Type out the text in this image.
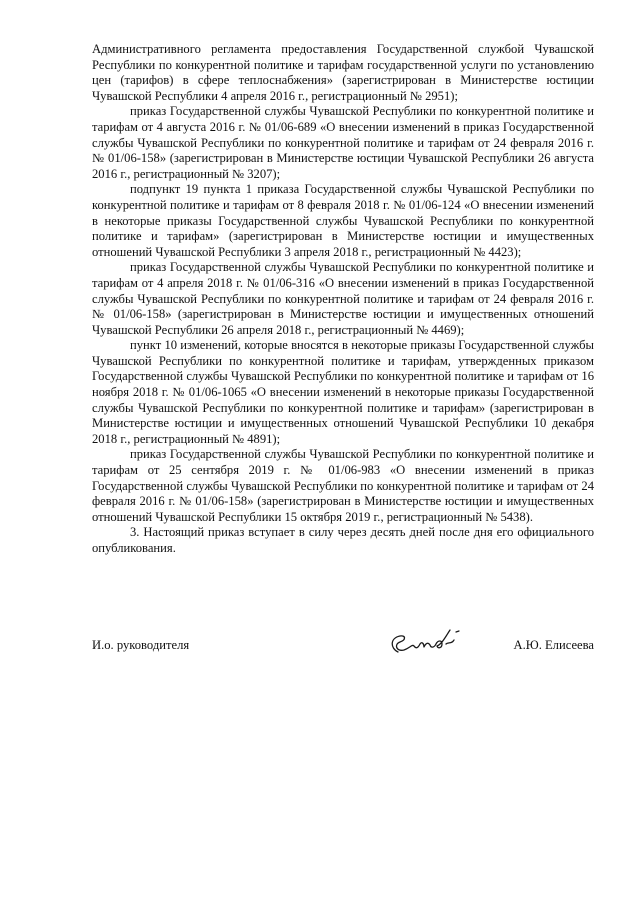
Административного регламента предоставления Государственной службой Чувашской Республики по конкурентной политике и тарифам государственной услуги по установлению цен (тарифов) в сфере теплоснабжения» (зарегистрирован в Министерстве юстиции Чувашской Республики 4 апреля 2016 г., регистрационный № 2951);

приказ Государственной службы Чувашской Республики по конкурентной политике и тарифам от 4 августа 2016 г. № 01/06-689 «О внесении изменений в приказ Государственной службы Чувашской Республики по конкурентной политике и тарифам от 24 февраля 2016 г. № 01/06-158» (зарегистрирован в Министерстве юстиции Чувашской Республики 26 августа 2016 г., регистрационный № 3207);

подпункт 19 пункта 1 приказа Государственной службы Чувашской Республики по конкурентной политике и тарифам от 8 февраля 2018 г. № 01/06-124 «О внесении изменений в некоторые приказы Государственной службы Чувашской Республики по конкурентной политике и тарифам» (зарегистрирован в Министерстве юстиции и имущественных отношений Чувашской Республики 3 апреля 2018 г., регистрационный № 4423);

приказ Государственной службы Чувашской Республики по конкурентной политике и тарифам от 4 апреля 2018 г. № 01/06-316 «О внесении изменений в приказ Государственной службы Чувашской Республики по конкурентной политике и тарифам от 24 февраля 2016 г. № 01/06-158» (зарегистрирован в Министерстве юстиции и имущественных отношений Чувашской Республики 26 апреля 2018 г., регистрационный № 4469);

пункт 10 изменений, которые вносятся в некоторые приказы Государственной службы Чувашской Республики по конкурентной политике и тарифам, утвержденных приказом Государственной службы Чувашской Республики по конкурентной политике и тарифам от 16 ноября 2018 г. № 01/06-1065 «О внесении изменений в некоторые приказы Государственной службы Чувашской Республики по конкурентной политике и тарифам» (зарегистрирован в Министерстве юстиции и имущественных отношений Чувашской Республики 10 декабря 2018 г., регистрационный № 4891);

приказ Государственной службы Чувашской Республики по конкурентной политике и тарифам от 25 сентября 2019 г. № 01/06-983 «О внесении изменений в приказ Государственной службы Чувашской Республики по конкурентной политике и тарифам от 24 февраля 2016 г. № 01/06-158» (зарегистрирован в Министерстве юстиции и имущественных отношений Чувашской Республики 15 октября 2019 г., регистрационный № 5438).

3. Настоящий приказ вступает в силу через десять дней после дня его официального опубликования.

И.о. руководителя	А.Ю. Елисеева
